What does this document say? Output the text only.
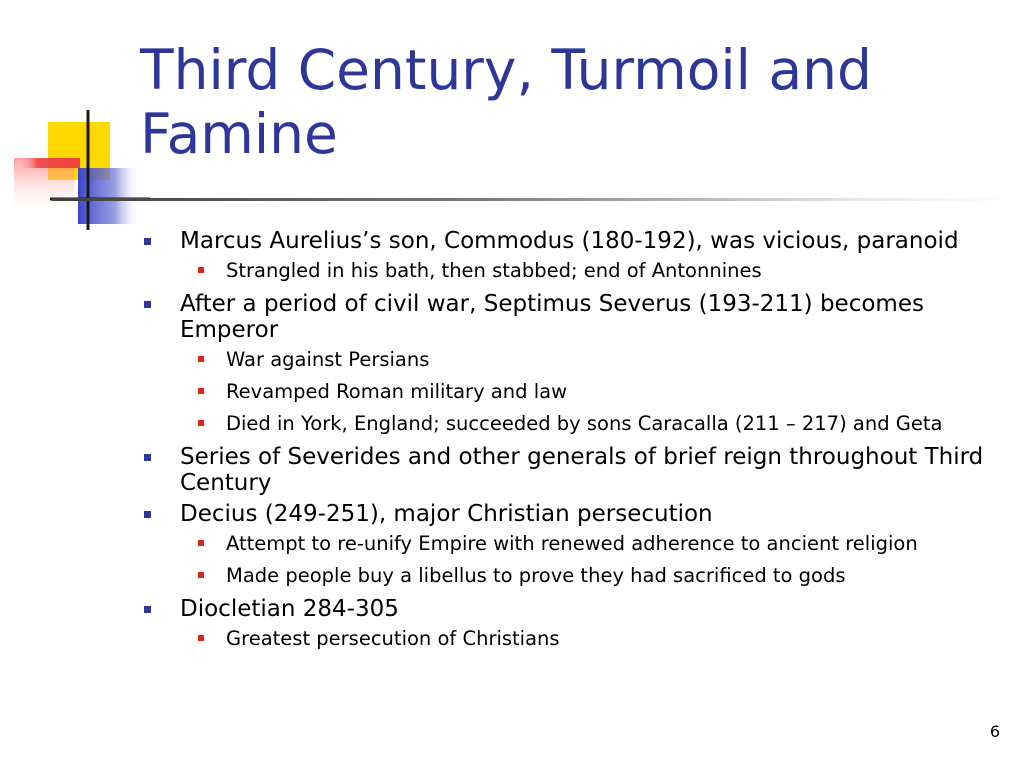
Third Century, Turmoil and Famine
Marcus Aurelius’s son, Commodus (180-192), was vicious, paranoid
Strangled in his bath, then stabbed; end of Antonnines
After a period of civil war, Septimus Severus (193-211) becomes Emperor
War against Persians
Revamped Roman military and law
Died in York, England; succeeded by sons Caracalla (211 – 217) and Geta
Series of Severides and other generals of brief reign throughout Third Century
Decius (249-251), major Christian persecution
Attempt to re-unify Empire with renewed adherence to ancient religion
Made people buy a libellus to prove they had sacrificed to gods
Diocletian 284-305
Greatest persecution of Christians
6
